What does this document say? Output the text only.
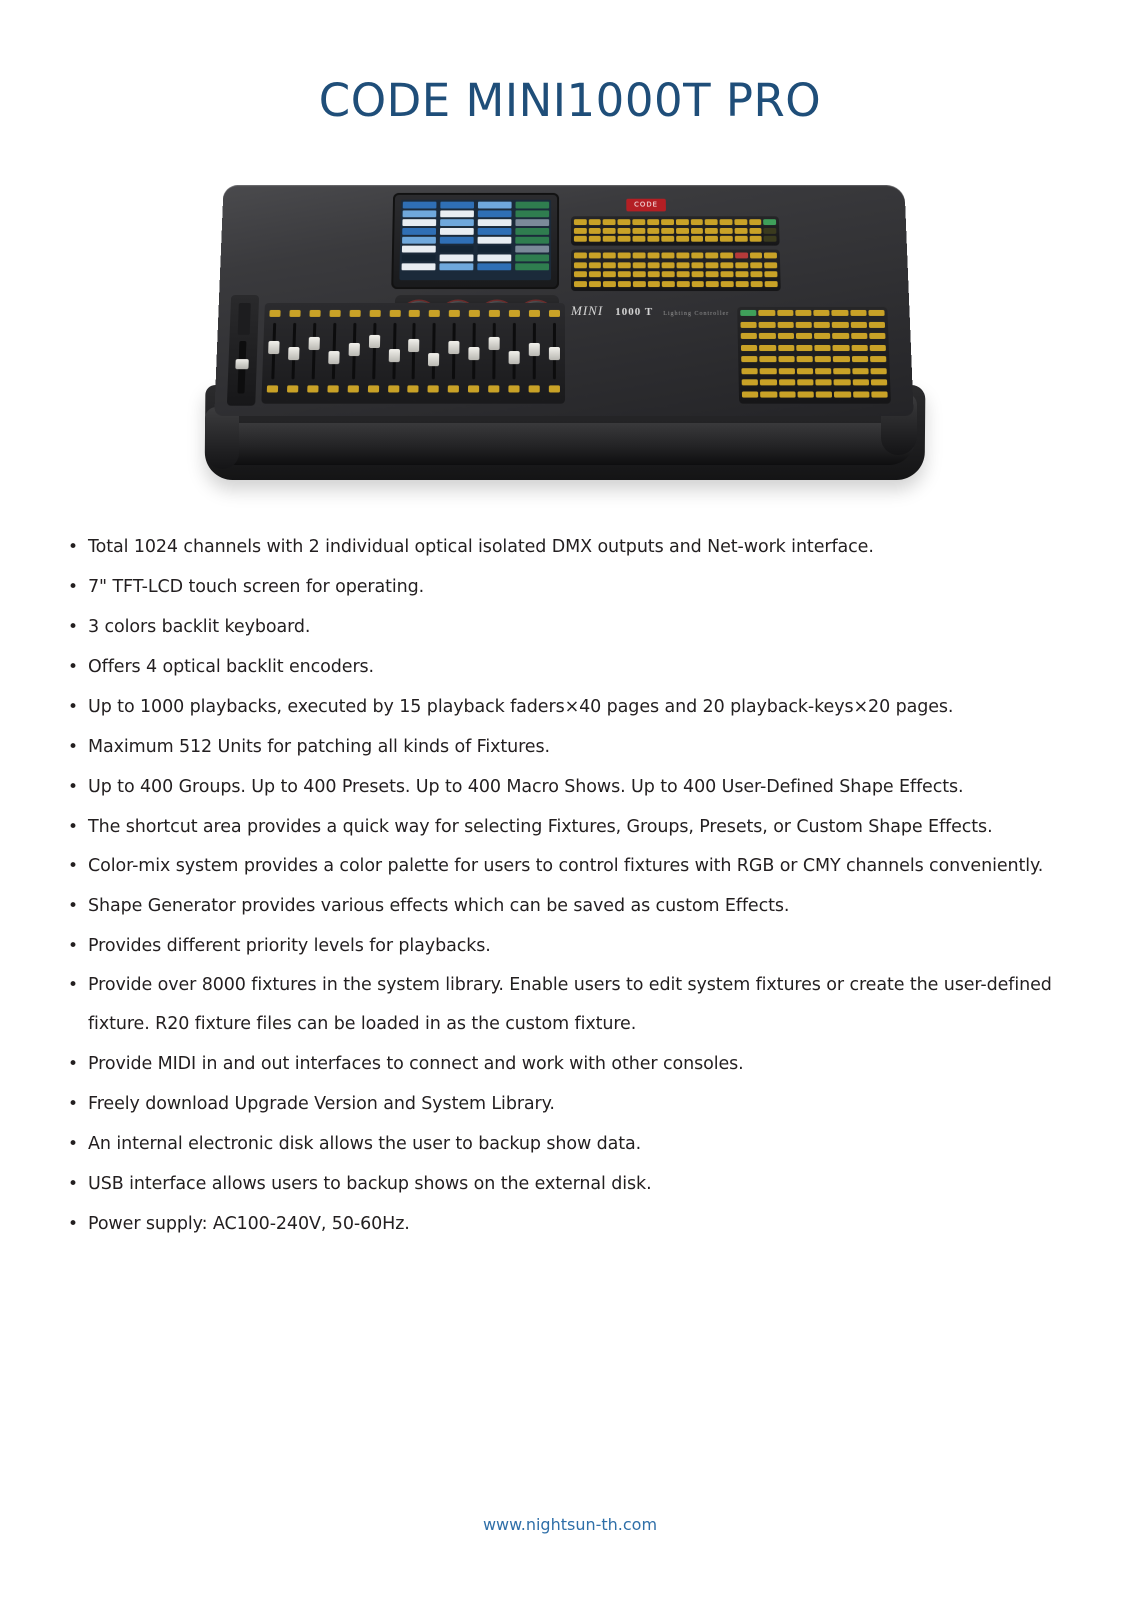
CODE MINI1000T PRO
CODE
MINI 1000 T Lighting Controller
• Total 1024 channels with 2 individual optical isolated DMX outputs and Net-work interface.
• 7" TFT-LCD touch screen for operating.
• 3 colors backlit keyboard.
• Offers 4 optical backlit encoders.
• Up to 1000 playbacks, executed by 15 playback faders×40 pages and 20 playback-keys×20 pages.
• Maximum 512 Units for patching all kinds of Fixtures.
• Up to 400 Groups. Up to 400 Presets. Up to 400 Macro Shows. Up to 400 User-Defined Shape Effects.
• The shortcut area provides a quick way for selecting Fixtures, Groups, Presets, or Custom Shape Effects.
• Color-mix system provides a color palette for users to control fixtures with RGB or CMY channels conveniently.
• Shape Generator provides various effects which can be saved as custom Effects.
• Provides different priority levels for playbacks.
• Provide over 8000 fixtures in the system library. Enable users to edit system fixtures or create the user-defined fixture. R20 fixture files can be loaded in as the custom fixture.
• Provide MIDI in and out interfaces to connect and work with other consoles.
• Freely download Upgrade Version and System Library.
• An internal electronic disk allows the user to backup show data.
• USB interface allows users to backup shows on the external disk.
• Power supply: AC100-240V, 50-60Hz.
www.nightsun-th.com
